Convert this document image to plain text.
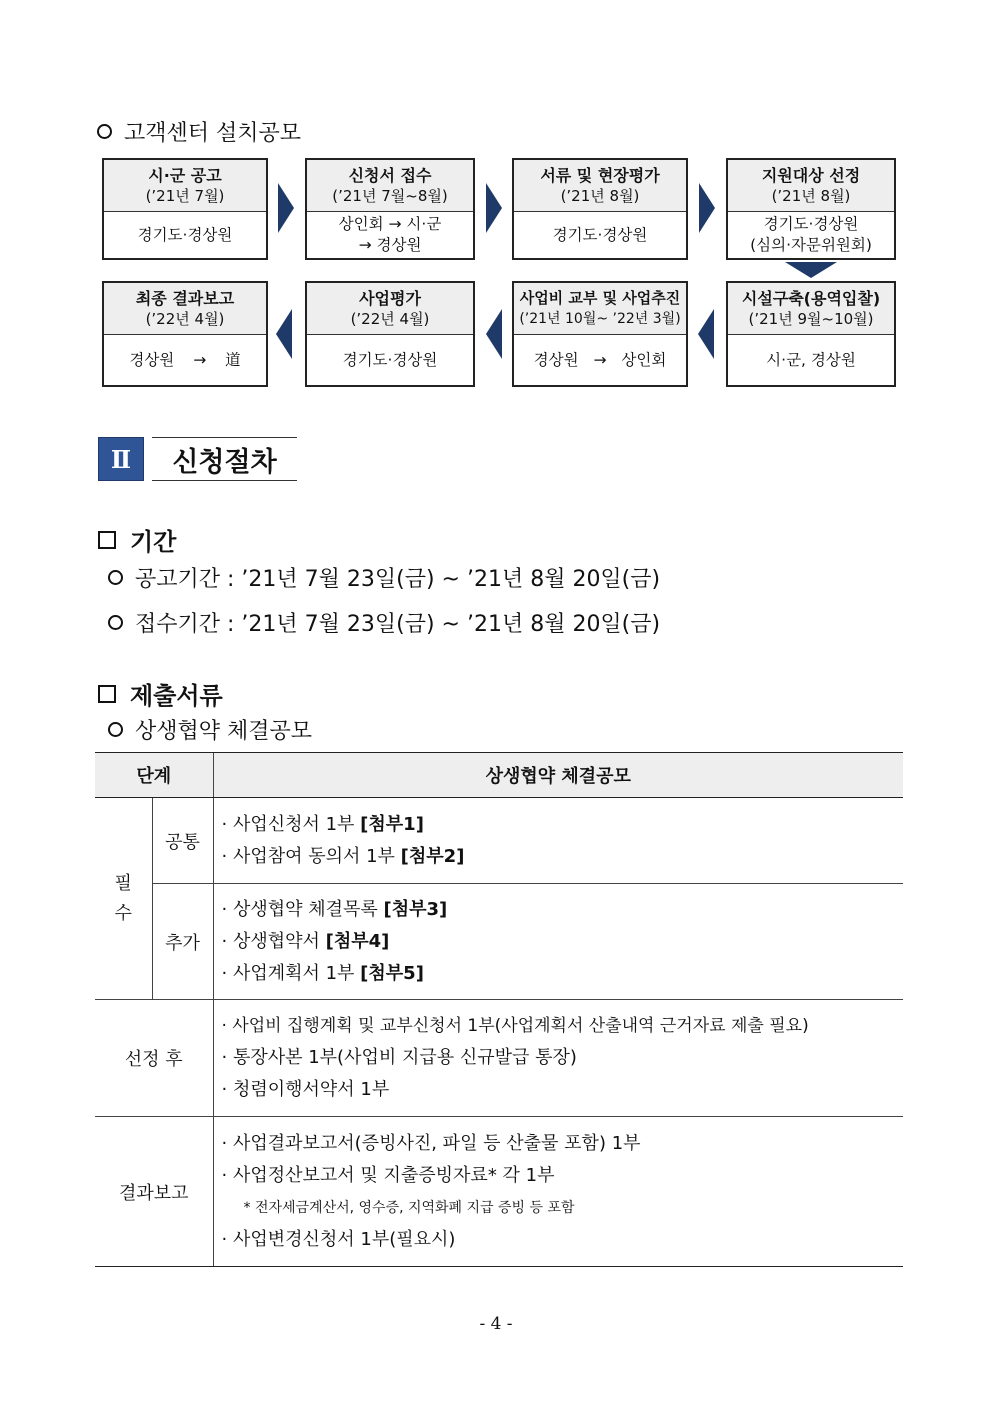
고객센터 설치공모
시·군 공고
(’21년 7월)
경기도·경상원
신청서 접수
(’21년 7월~8월)
상인회 → 시·군
→ 경상원
서류 및 현장평가
(’21년 8월)
경기도·경상원
지원대상 선정
(’21년 8월)
경기도·경상원
(심의·자문위원회)
최종 결과보고
(’22년 4월)
경상원 → 道
사업평가
(’22년 4월)
경기도·경상원
사업비 교부 및 사업추진
(’21년 10월~ ’22년 3월)
경상원 → 상인회
시설구축(용역입찰)
(’21년 9월~10월)
시·군, 경상원
Ⅱ	신청절차
기간
공고기간 : ’21년 7월 23일(금) ~ ’21년 8월 20일(금)
접수기간 : ’21년 7월 23일(금) ~ ’21년 8월 20일(금)
제출서류
상생협약 체결공모
단계		상생협약 체결공모
필
수	공통	· 사업신청서 1부 [첨부1]
· 사업참여 동의서 1부 [첨부2]

	추가	· 상생협약 체결목록 [첨부3]
· 상생협약서 [첨부4]
· 사업계획서 1부 [첨부5]

선정 후		· 사업비 집행계획 및 교부신청서 1부(사업계획서 산출내역 근거자료 제출 필요)
· 통장사본 1부(사업비 지급용 신규발급 통장)
· 청렴이행서약서 1부

결과보고		· 사업결과보고서(증빙사진, 파일 등 산출물 포함) 1부
· 사업정산보고서 및 지출증빙자료* 각 1부
* 전자세금계산서, 영수증, 지역화폐 지급 증빙 등 포함
· 사업변경신청서 1부(필요시)
- 4 -
